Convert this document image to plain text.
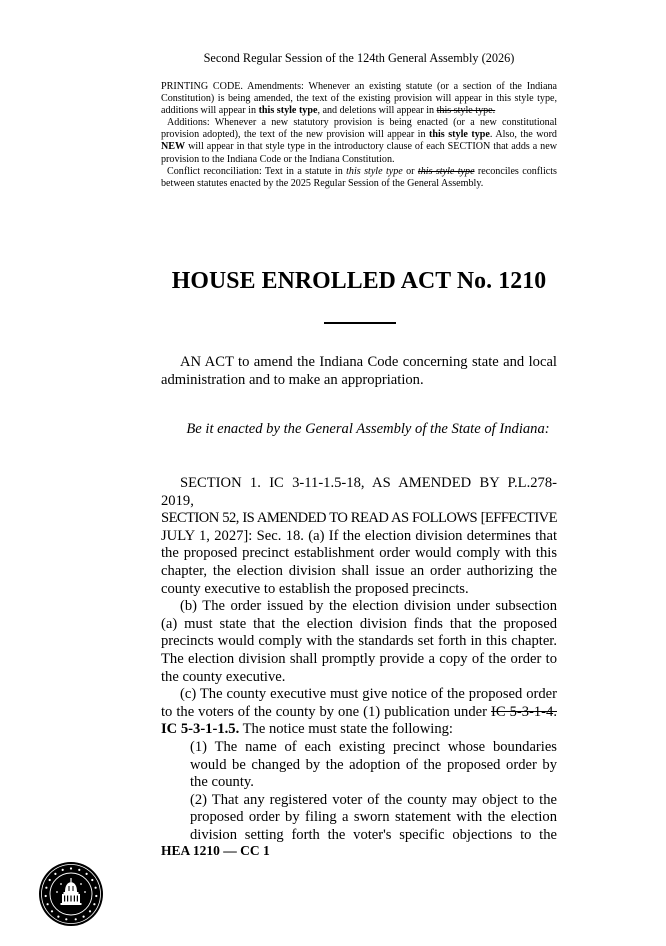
Second Regular Session of the 124th General Assembly (2026)

PRINTING CODE. Amendments: Whenever an existing statute (or a section of the Indiana Constitution) is being amended, the text of the existing provision will appear in this style type, additions will appear in this style type, and deletions will appear in this style type.

Additions: Whenever a new statutory provision is being enacted (or a new constitutional provision adopted), the text of the new provision will appear in this style type. Also, the word NEW will appear in that style type in the introductory clause of each SECTION that adds a new provision to the Indiana Code or the Indiana Constitution.

Conflict reconciliation: Text in a statute in this style type or this style type reconciles conflicts between statutes enacted by the 2025 Regular Session of the General Assembly.

HOUSE ENROLLED ACT No. 1210

AN ACT to amend the Indiana Code concerning state and local administration and to make an appropriation.

Be it enacted by the General Assembly of the State of Indiana:

SECTION 1. IC 3-11-1.5-18, AS AMENDED BY P.L.278-2019,

SECTION 52, IS AMENDED TO READ AS FOLLOWS [EFFECTIVE

JULY 1, 2027]: Sec. 18. (a) If the election division determines that the proposed precinct establishment order would comply with this chapter, the election division shall issue an order authorizing the county executive to establish the proposed precincts.

(b) The order issued by the election division under subsection (a) must state that the election division finds that the proposed precincts would comply with the standards set forth in this chapter. The election division shall promptly provide a copy of the order to the county executive.

(c) The county executive must give notice of the proposed order to the voters of the county by one (1) publication under IC 5-3-1-4. IC 5-3-1-1.5. The notice must state the following:

(1) The name of each existing precinct whose boundaries would be changed by the adoption of the proposed order by the county.

(2) That any registered voter of the county may object to the proposed order by filing a sworn statement with the election division setting forth the voter's specific objections to the

HEA 1210 — CC 1
